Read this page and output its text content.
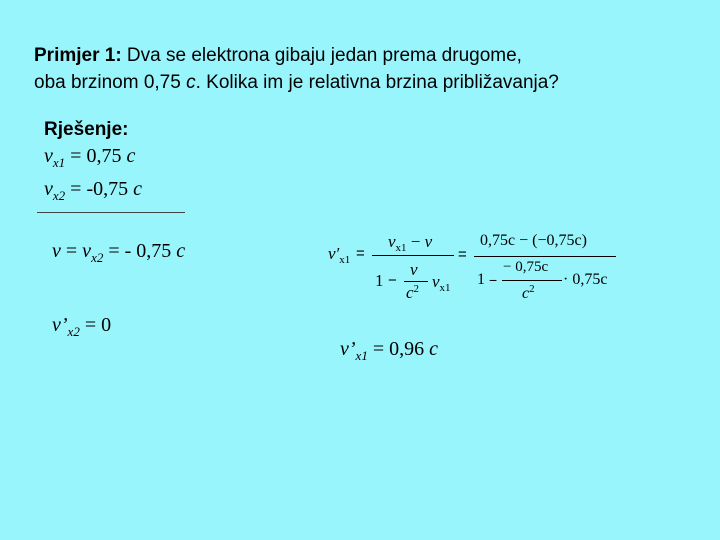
Primjer 1: Dva se elektrona gibaju jedan prema drugome,
oba brzinom 0,75 c. Kolika im je relativna brzina približavanja?
Rješenje:
$v_{x1} = 0,75$ c
$v_{x2} = -0,75$ c
$v = v_{x2}$ = - 0,75 c
$v’_{x2} = 0$
$v’_{x1} = 0,96$ c
$v'_{x1}$ =
$v_{x1} - v$
1 −
v
$c^2$ $v_{x1}$
=
0,75c − (−0,75c)
1 −
− 0,75c
$c^2$
· 0,75c
